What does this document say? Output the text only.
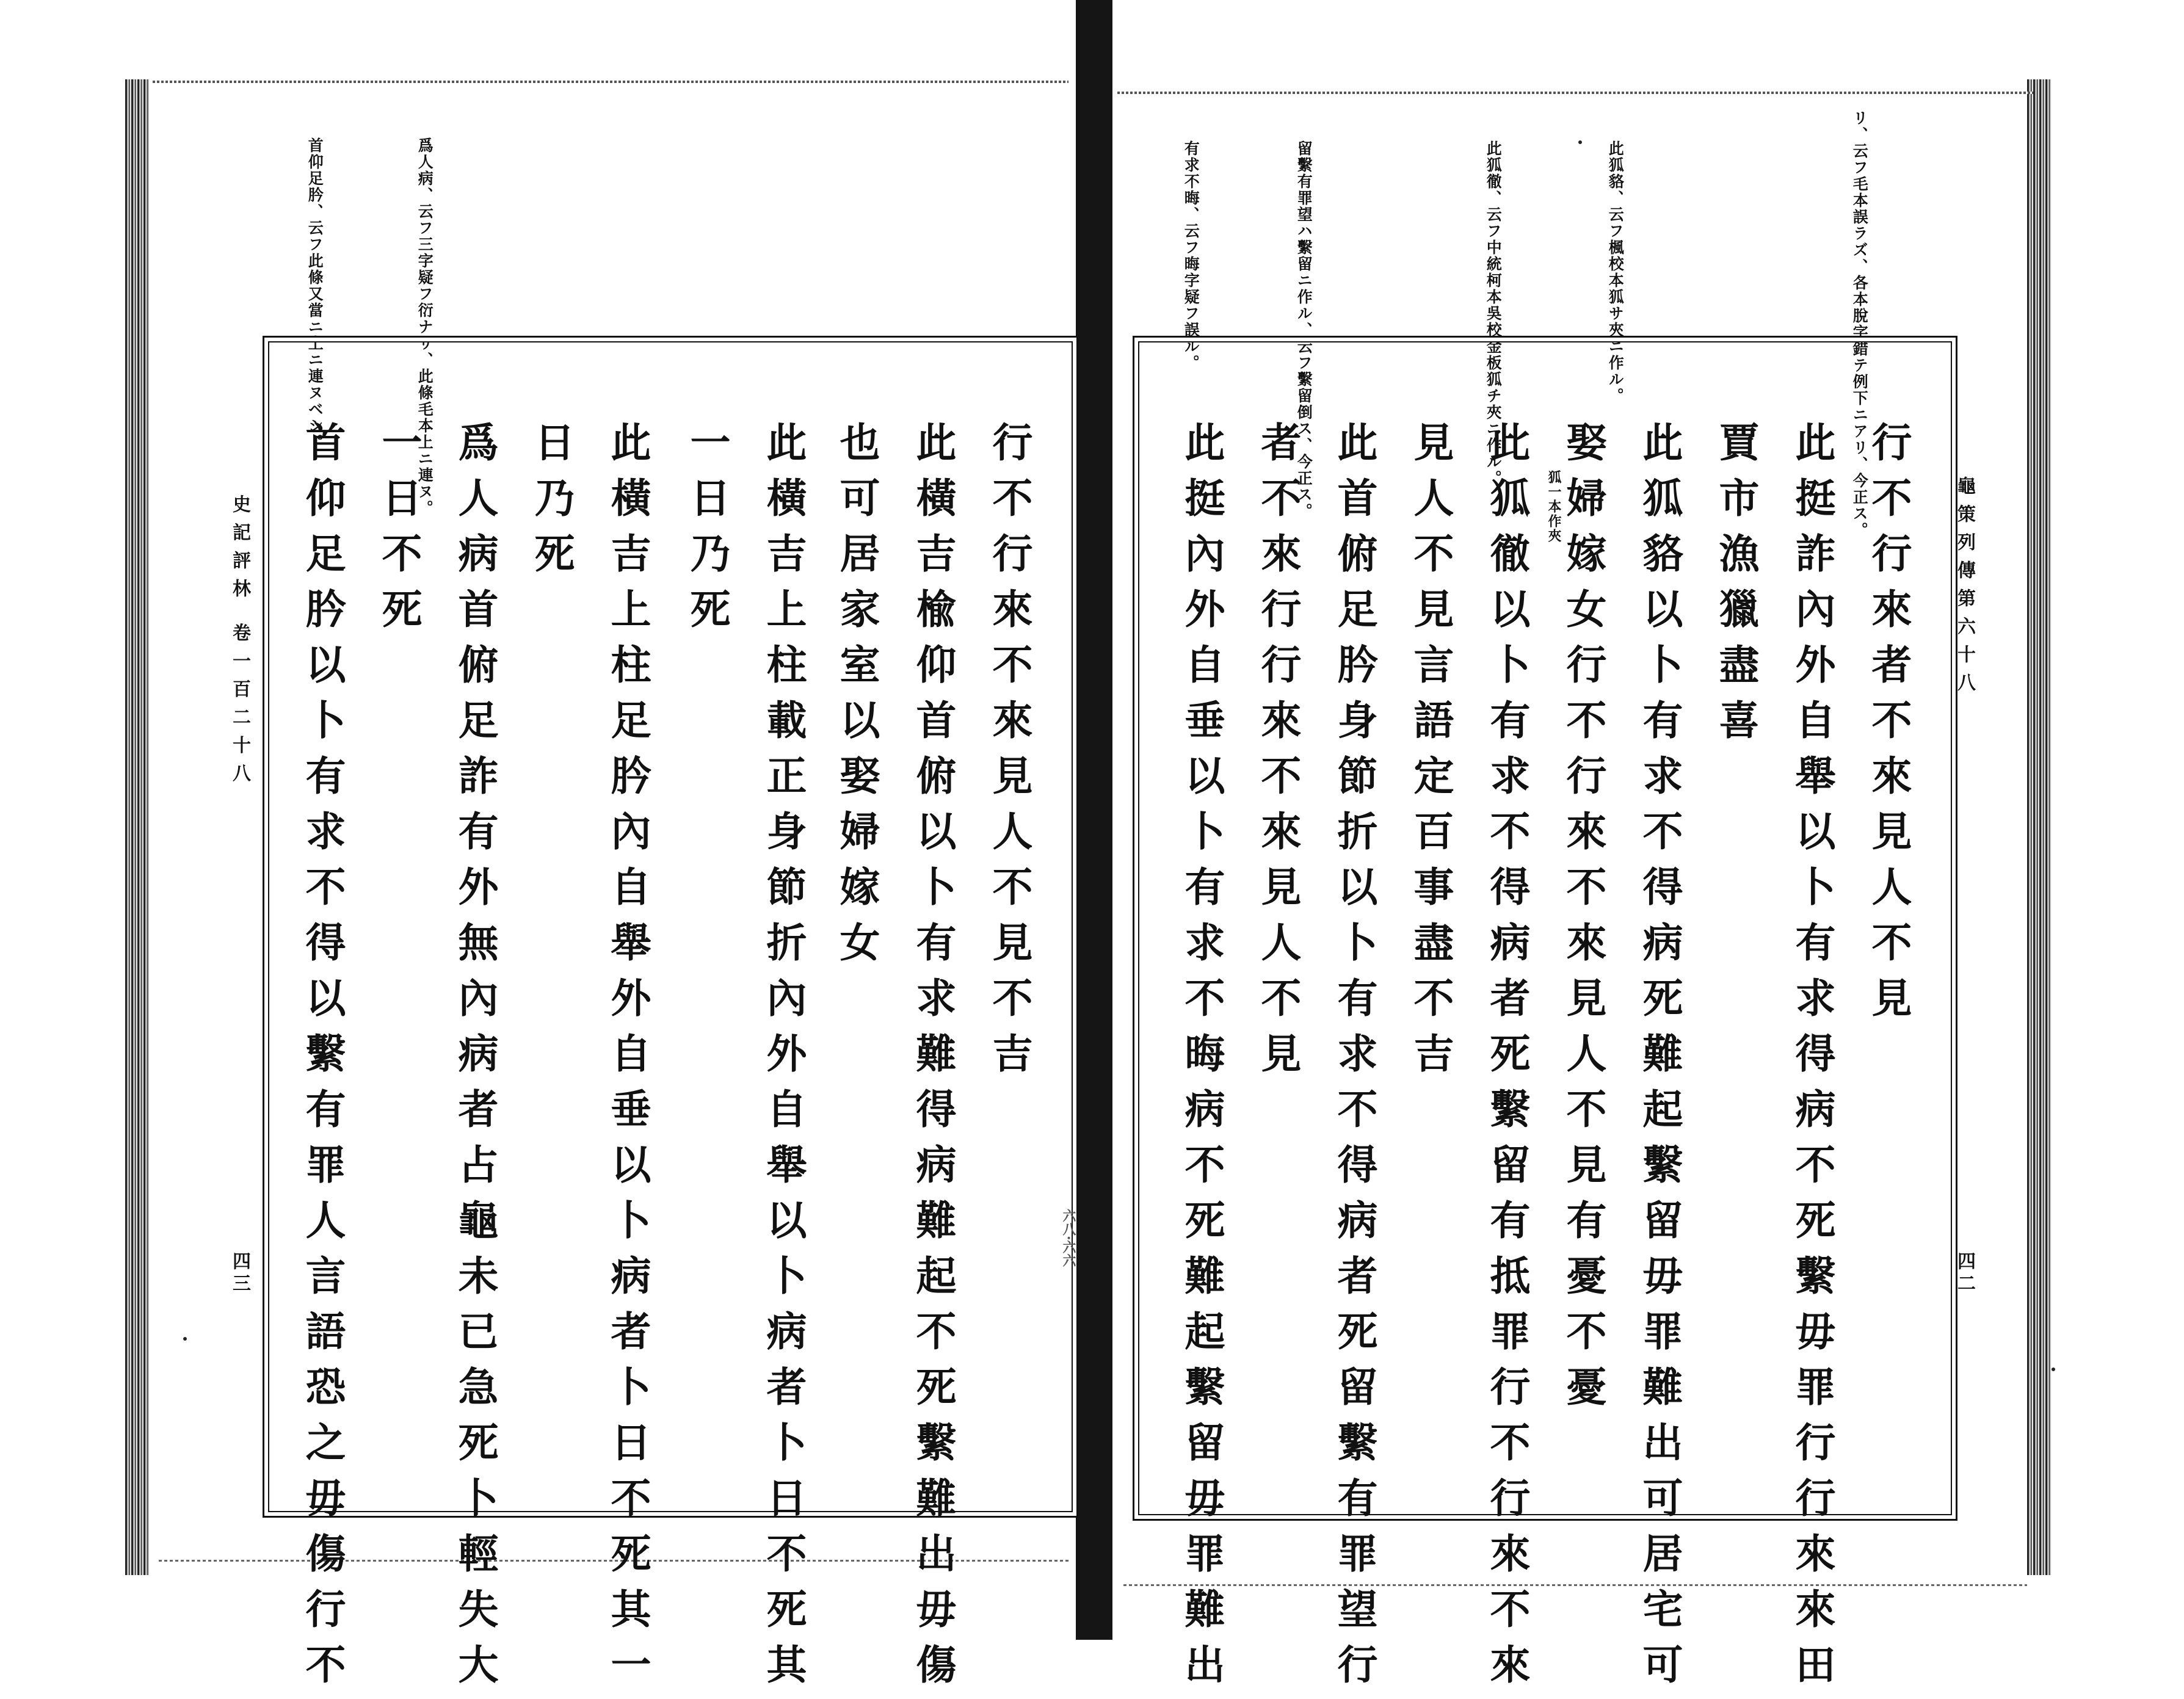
首仰足肣、云フ此條又當ニ上ニ連ヌベシ。	爲人病、云フ三字疑フ衍ナリ、此條毛本上ニ連ヌ。
史記評林 卷一百二十八
四三
行不行來不來見人不見不吉
此橫吉楡仰首俯以卜有求難得病難起不死繫難出毋傷
也可居家室以娶婦嫁女
此橫吉上柱載正身節折內外自舉以卜病者卜日不死其
一日乃死
此橫吉上柱足肣內自舉外自垂以卜病者卜日不死其一
日乃死
爲人病首俯足詐有外無內病者占龜未已急死卜輕失大
一日不死
首仰足肣以卜有求不得以繫有罪人言語恐之毋傷行不	六八·六六
リ、云フ毛本誤ラズ、各本脫字錯テ例下ニアリ、今正ス。
此狐貉、云フ楓校本狐サ夾ニ作ル。
此狐徹、云フ中統柯本吳校金板狐チ夾ニ作ル。
留繫有罪望ハ繫留ニ作ル、云フ繫留倒ス、今正ス。
有求不晦、云フ晦字疑フ誤ル。
龜策列傳第六十八
四二
行不行來者不來見人不見
此挺詐內外自舉以卜有求得病不死繫毋罪行行來來田
賈市漁獵盡喜
此狐貉以卜有求不得病死難起繫留毋罪難出可居宅可
娶婦嫁女行不行來不來見人不見有憂不憂
此狐徹以卜有求不得病者死繫留有抵罪行不行來不來
見人不見言語定百事盡不吉
此首俯足肣身節折以卜有求不得病者死留繫有罪望行
者不來行行來不來見人不見
此挺內外自垂以卜有求不晦病不死難起繫留毋罪難出	狐一本作夾
